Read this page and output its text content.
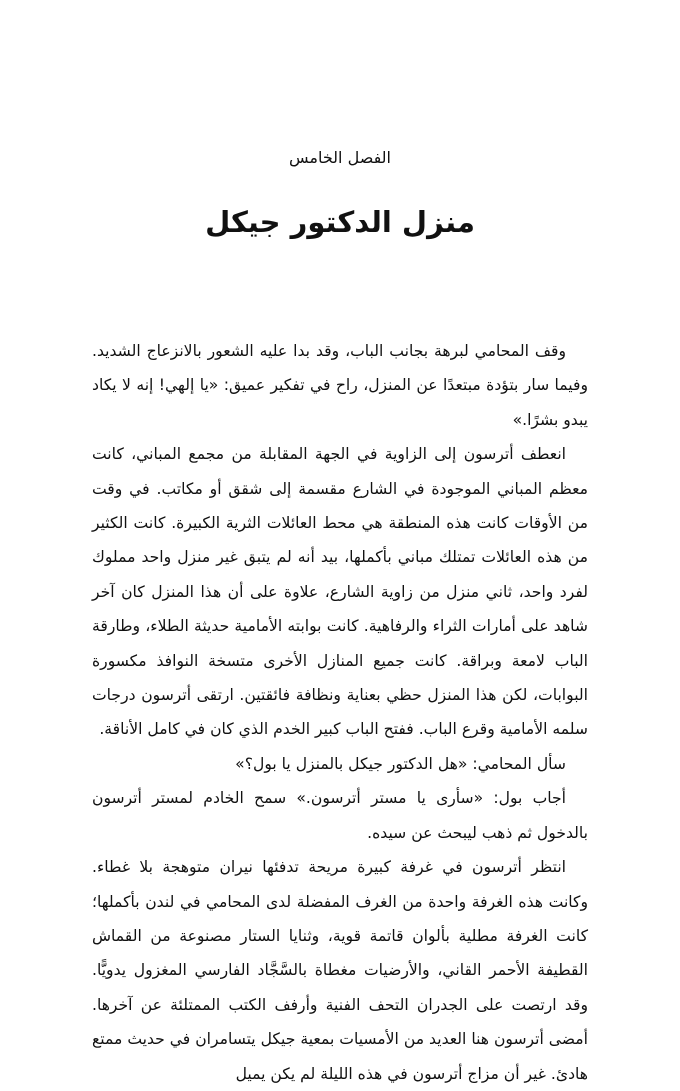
الفصل الخامس
منزل الدكتور جيكل

وقف المحامي لبرهة بجانب الباب، وقد بدا عليه الشعور بالانزعاج الشديد. وفيما سار بتؤدة مبتعدًا عن المنزل، راح في تفكير عميق: «يا إلهي! إنه لا يكاد يبدو بشرًا.»

انعطف أترسون إلى الزاوية في الجهة المقابلة من مجمع المباني، كانت معظم المباني الموجودة في الشارع مقسمة إلى شقق أو مكاتب. في وقت من الأوقات كانت هذه المنطقة هي محط العائلات الثرية الكبيرة. كانت الكثير من هذه العائلات تمتلك مباني بأكملها، بيد أنه لم يتبق غير منزل واحد مملوك لفرد واحد، ثاني منزل من زاوية الشارع، علاوة على أن هذا المنزل كان آخر شاهد على أمارات الثراء والرفاهية. كانت بوابته الأمامية حديثة الطلاء، وطارقة الباب لامعة وبراقة. كانت جميع المنازل الأخرى متسخة النوافذ مكسورة البوابات، لكن هذا المنزل حظي بعناية ونظافة فائقتين. ارتقى أترسون درجات سلمه الأمامية وقرع الباب. ففتح الباب كبير الخدم الذي كان في كامل الأناقة.

سأل المحامي: «هل الدكتور جيكل بالمنزل يا بول؟»

أجاب بول: «سأرى يا مستر أترسون.» سمح الخادم لمستر أترسون بالدخول ثم ذهب ليبحث عن سيده.

انتظر أترسون في غرفة كبيرة مريحة تدفئها نيران متوهجة بلا غطاء. وكانت هذه الغرفة واحدة من الغرف المفضلة لدى المحامي في لندن بأكملها؛ كانت الغرفة مطلية بألوان قاتمة قوية، وثنايا الستار مصنوعة من القماش القطيفة الأحمر القاني، والأرضيات مغطاة بالسَّجَّاد الفارسي المغزول يدويًّا. وقد ارتصت على الجدران التحف الفنية وأرفف الكتب الممتلئة عن آخرها. أمضى أترسون هنا العديد من الأمسيات بمعية جيكل يتسامران في حديث ممتع هادئ. غير أن مزاج أترسون في هذه الليلة لم يكن يميل
